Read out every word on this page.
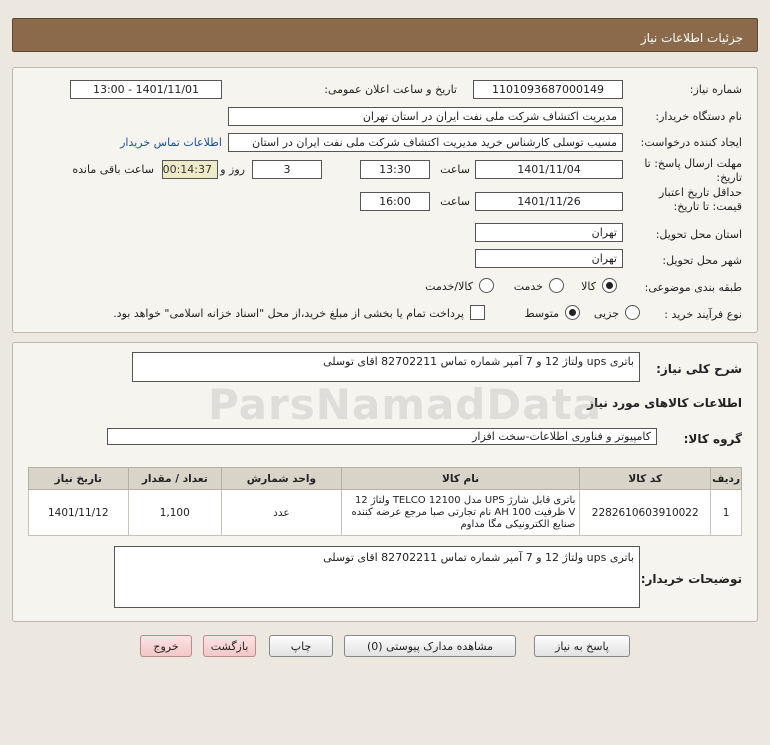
جزئیات اطلاعات نیاز
شماره نیاز:
1101093687000149
تاریخ و ساعت اعلان عمومی:
1401/11/01 - 13:00
نام دستگاه خریدار:
مدیریت اکتشاف شرکت ملی نفت ایران در استان تهران
ایجاد کننده درخواست:
مسیب توسلی کارشناس خرید مدیریت اکتشاف شرکت ملی نفت ایران در استان
اطلاعات تماس خریدار
مهلت ارسال پاسخ: تا تاریخ:
1401/11/04
ساعت
13:30
3
روز و
00:14:37
ساعت باقی مانده
حداقل تاریخ اعتبار قیمت: تا تاریخ:
1401/11/26
ساعت
16:00
استان محل تحویل:
تهران
شهر محل تحویل:
تهران
طبقه بندی موضوعی:
کالا
خدمت
کالا/خدمت
نوع فرآیند خرید :
جزیی
متوسط
پرداخت تمام یا بخشی از مبلغ خرید،از محل "اسناد خزانه اسلامی" خواهد بود.
شرح کلی نیاز:
باتری ups ولتاژ 12 و 7 آمپر شماره تماس 82702211 اقای توسلی
اطلاعات کالاهای مورد نیاز
گروه کالا:
کامپیوتر و فناوری اطلاعات-سخت افزار
ردیف	کد کالا	نام کالا	واحد شمارش	تعداد / مقدار	تاریخ نیاز
1	2282610603910022	باتری قابل شارژ UPS مدل TELCO 12100 ولتاژ 12 V ظرفیت 100 AH نام تجارتی صبا مرجع عرضه کننده صنایع الکترونیکی مگا مداوم	عدد	1,100	1401/11/12
توضیحات خریدار:
باتری ups ولتاژ 12 و 7 آمپر شماره تماس 82702211 اقای توسلی
پاسخ به نیاز
مشاهده مدارک پیوستی (0)
چاپ
بازگشت
خروج
ParsNamadData
